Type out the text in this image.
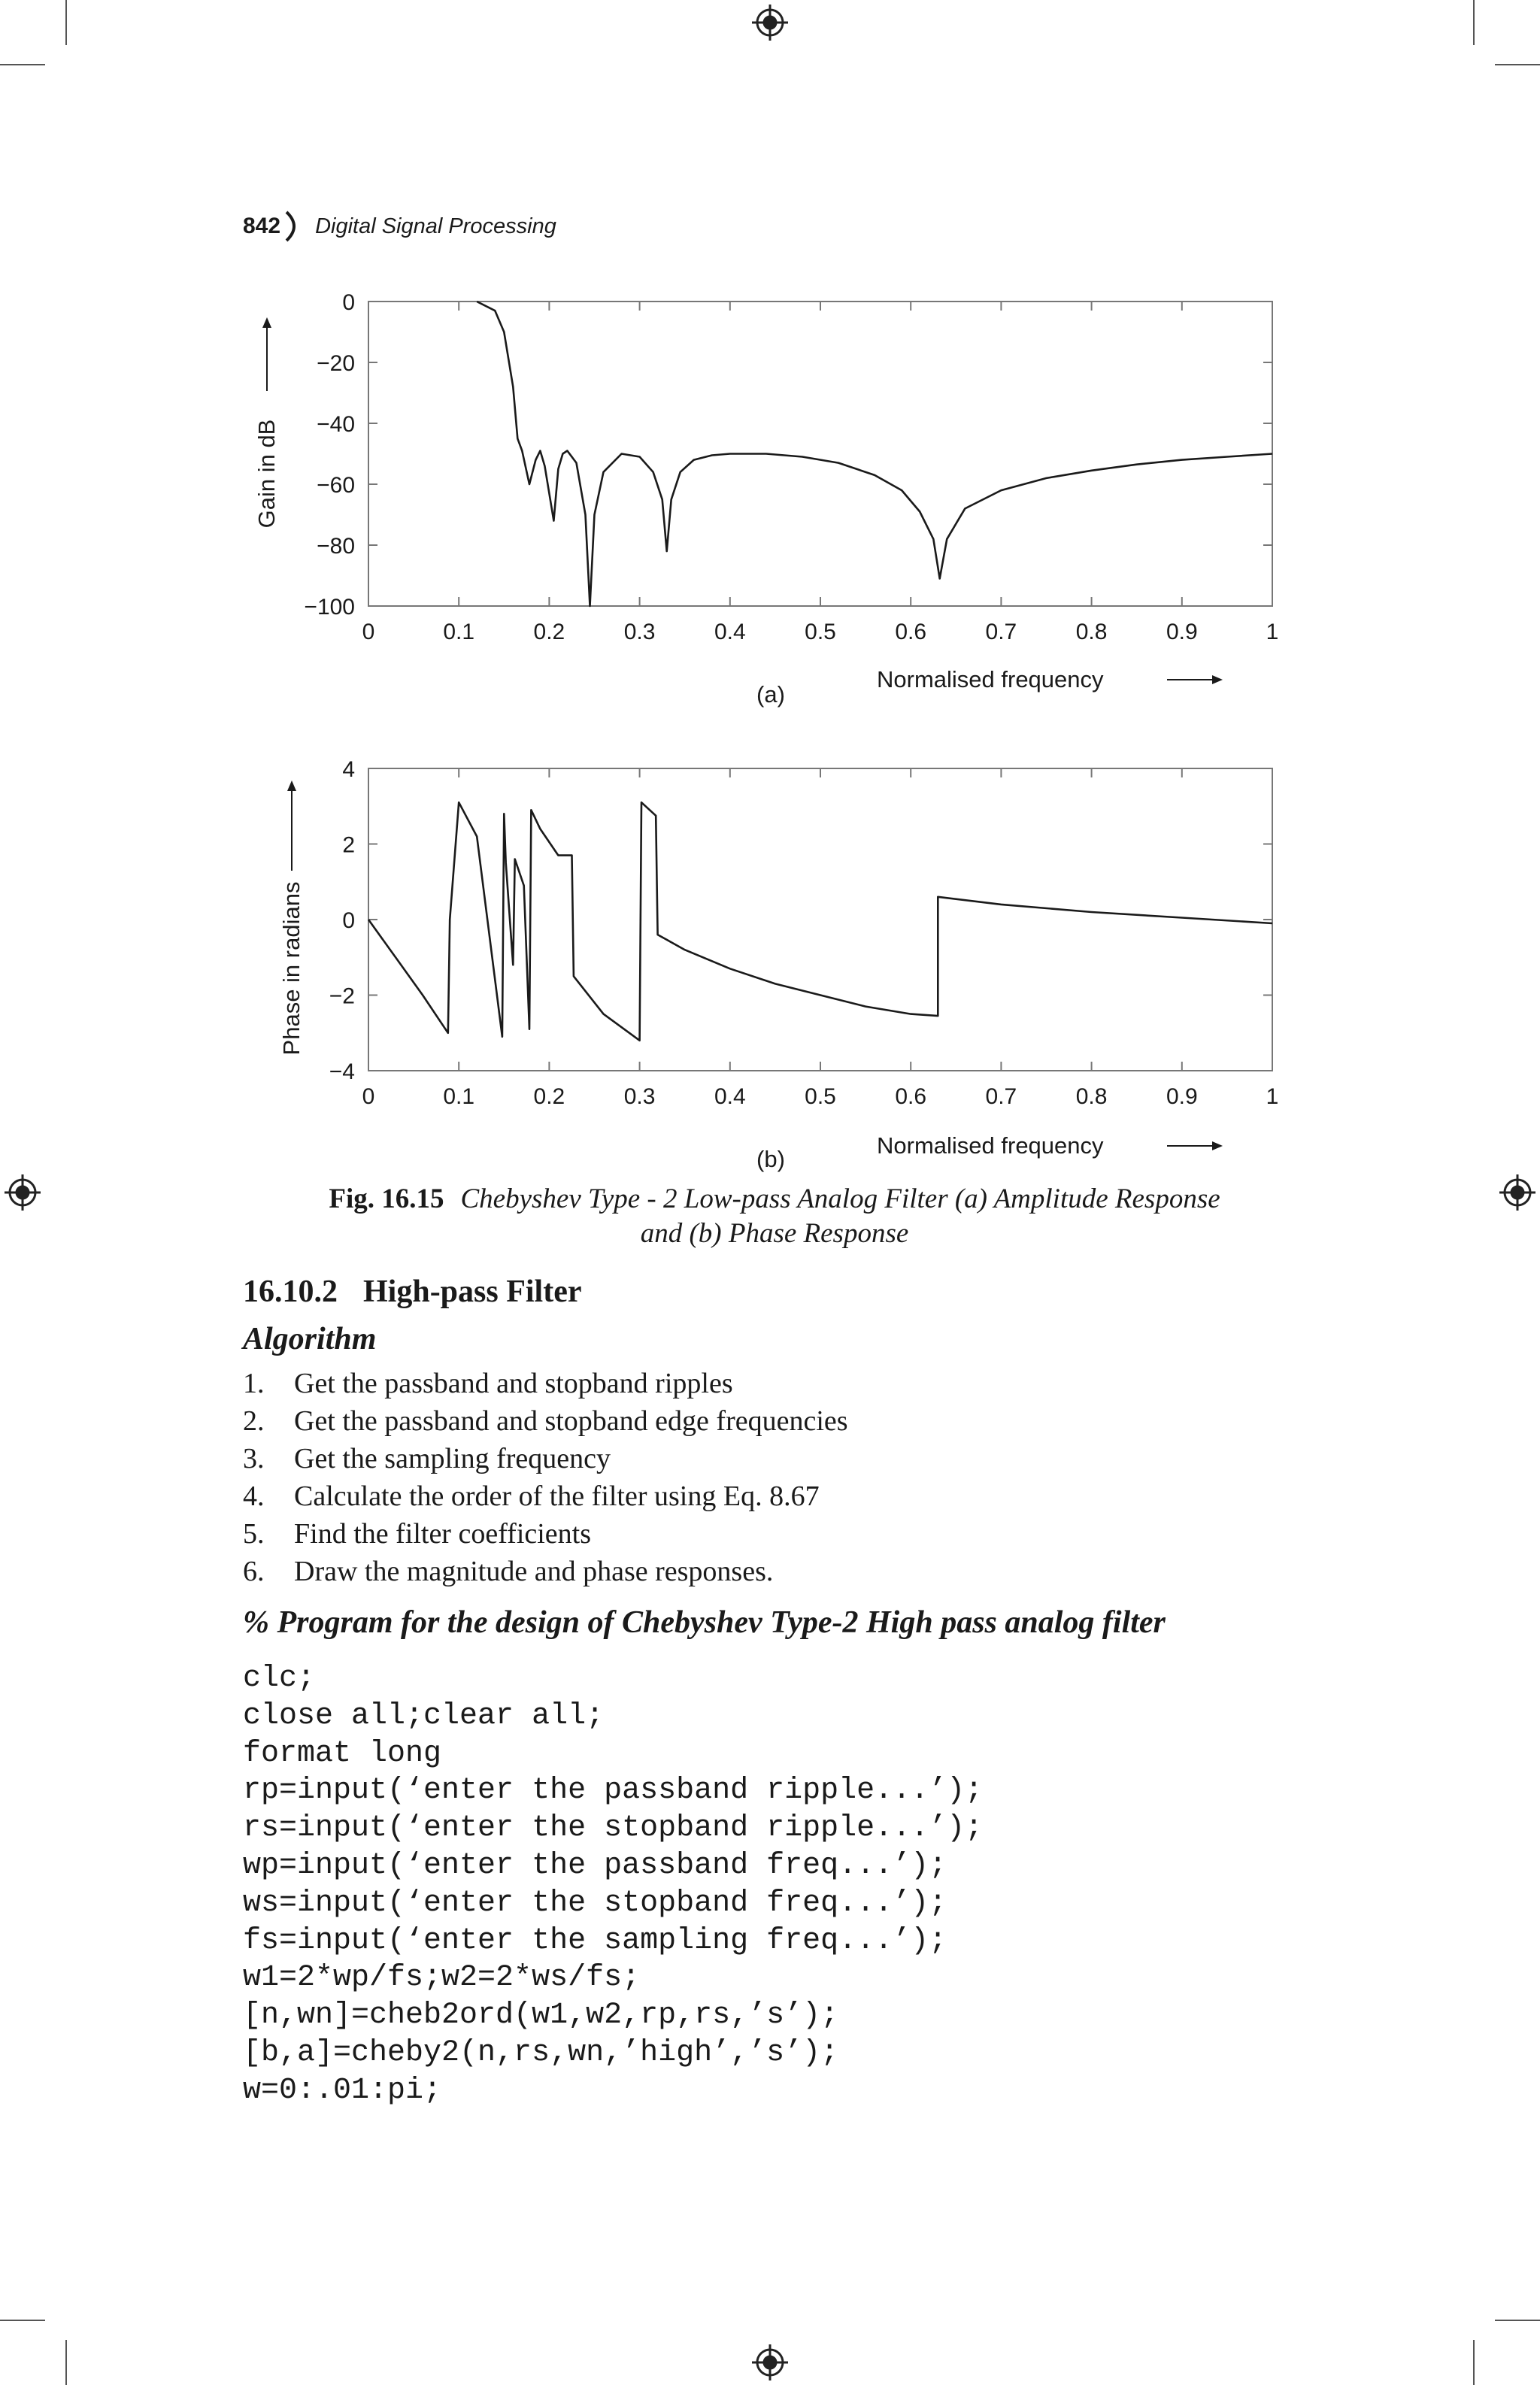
842 Digital Signal Processing
0	0.1	0.2	0.3	0.4	0.5	0.6	0.7	0.8	0.9	1
0
−20
−40
−60
−80
−100
Gain in dB
Normalised frequency
(a)
0	0.1	0.2	0.3	0.4	0.5	0.6	0.7	0.8	0.9	1
4
2
0
−2
−4
Phase in radians
Normalised frequency
(b)
Fig. 16.15 Chebyshev Type - 2 Low-pass Analog Filter (a) Amplitude Response
and (b) Phase Response
16.10.2 High-pass Filter
Algorithm
1.	Get the passband and stopband ripples
2.	Get the passband and stopband edge frequencies
3.	Get the sampling frequency
4.	Calculate the order of the filter using Eq. 8.67
5.	Find the filter coefficients
6.	Draw the magnitude and phase responses.
% Program for the design of Chebyshev Type-2 High pass analog filter
clc;
close all;clear all;
format long
rp=input(‘enter the passband ripple...’);
rs=input(‘enter the stopband ripple...’);
wp=input(‘enter the passband freq...’);
ws=input(‘enter the stopband freq...’);
fs=input(‘enter the sampling freq...’);
w1=2*wp/fs;w2=2*ws/fs;
[n,wn]=cheb2ord(w1,w2,rp,rs,’s’);
[b,a]=cheby2(n,rs,wn,’high’,’s’);
w=0:.01:pi;
